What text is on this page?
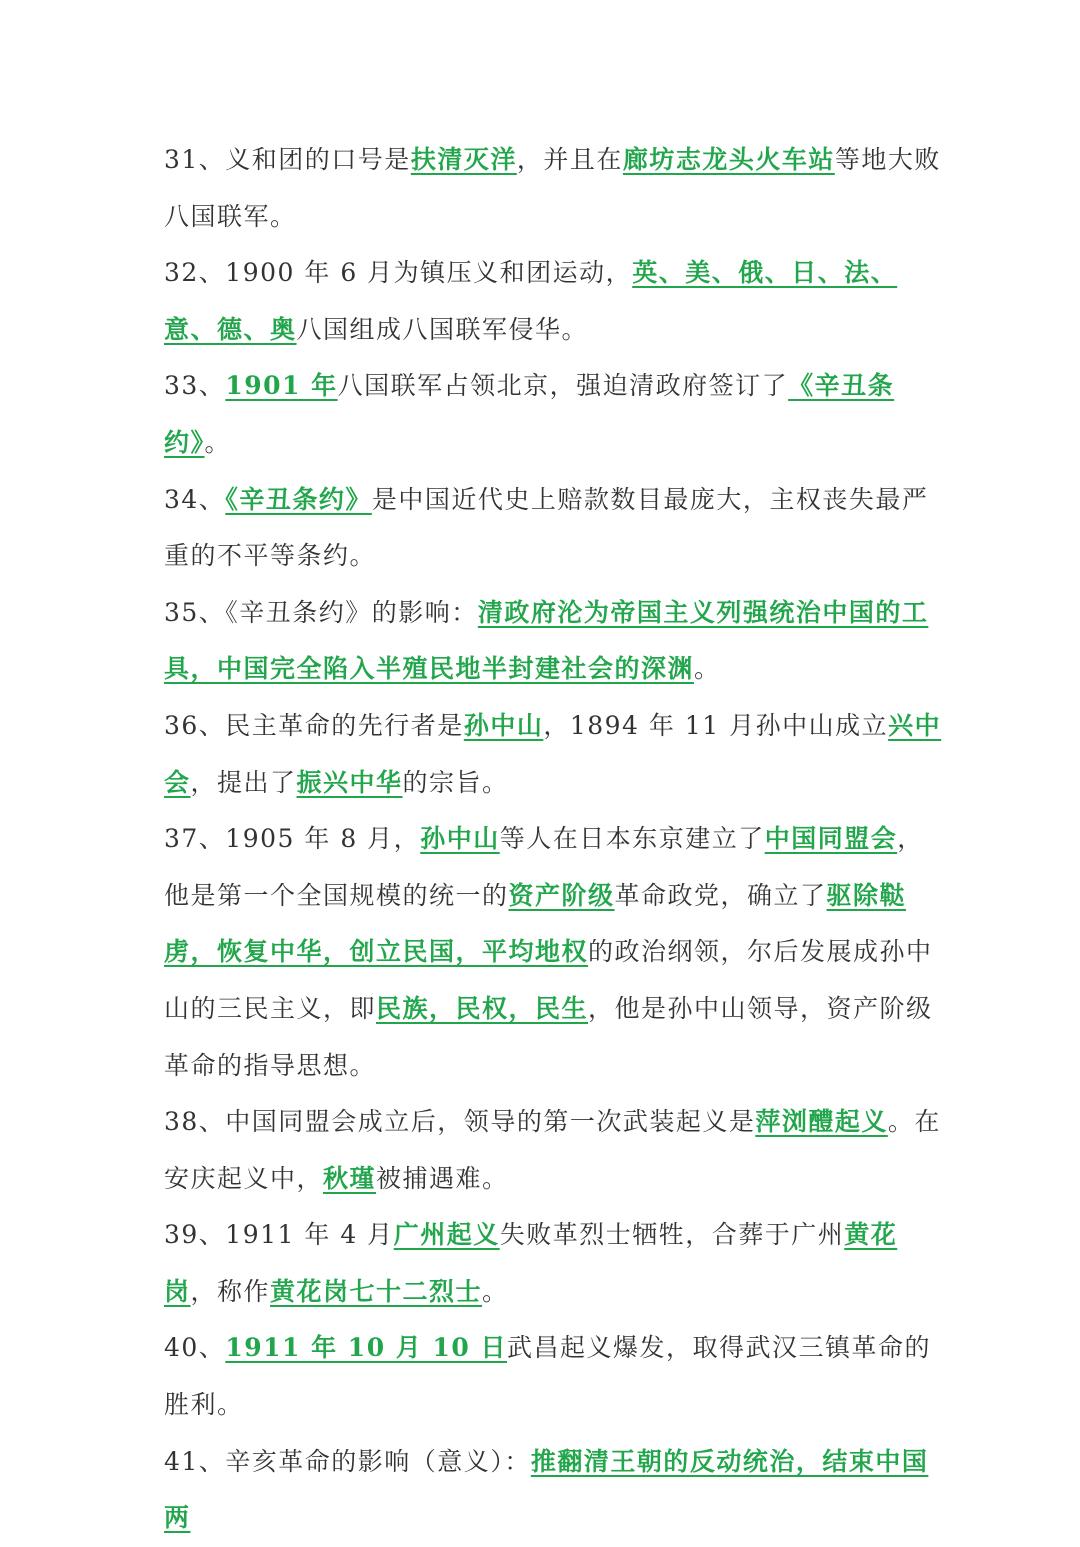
31、义和团的口号是扶清灭洋，并且在廊坊志龙头火车站等地大败八国联军。

32、1900 年 6 月为镇压义和团运动，英、美、俄、日、法、意、德、奥八国组成八国联军侵华。

33、1901 年八国联军占领北京，强迫清政府签订了《辛丑条约》。

34、《辛丑条约》是中国近代史上赔款数目最庞大，主权丧失最严重的不平等条约。

35、《辛丑条约》的影响：清政府沦为帝国主义列强统治中国的工具，中国完全陷入半殖民地半封建社会的深渊。

36、民主革命的先行者是孙中山，1894 年 11 月孙中山成立兴中会，提出了振兴中华的宗旨。

37、1905 年 8 月，孙中山等人在日本东京建立了中国同盟会，他是第一个全国规模的统一的资产阶级革命政党，确立了驱除鞑虏，恢复中华，创立民国，平均地权的政治纲领，尔后发展成孙中山的三民主义，即民族，民权，民生，他是孙中山领导，资产阶级革命的指导思想。

38、中国同盟会成立后，领导的第一次武装起义是萍浏醴起义。在安庆起义中，秋瑾被捕遇难。

39、1911 年 4 月广州起义失败革烈士牺牲，合葬于广州黄花岗，称作黄花岗七十二烈士。

40、1911 年 10 月 10 日武昌起义爆发，取得武汉三镇革命的胜利。

41、辛亥革命的影响（意义）：推翻清王朝的反动统治，结束中国两
